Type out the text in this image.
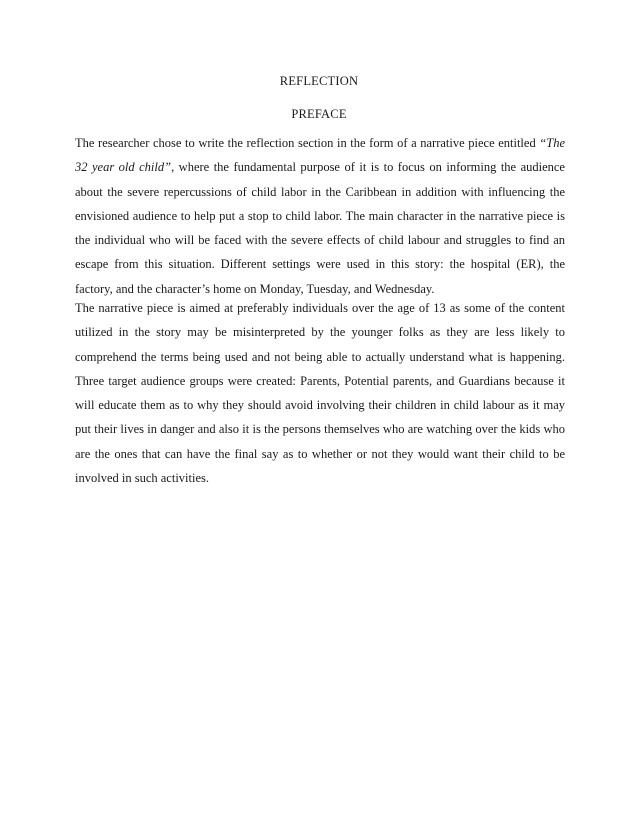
REFLECTION
PREFACE
The researcher chose to write the reflection section in the form of a narrative piece entitled “The
32 year old child”, where the fundamental purpose of it is to focus on informing the audience
about the severe repercussions of child labor in the Caribbean in addition with influencing the
envisioned audience to help put a stop to child labor. The main character in the narrative piece is
the individual who will be faced with the severe effects of child labour and struggles to find an
escape from this situation. Different settings were used in this story: the hospital (ER), the
factory, and the character’s home on Monday, Tuesday, and Wednesday.
The narrative piece is aimed at preferably individuals over the age of 13 as some of the content
utilized in the story may be misinterpreted by the younger folks as they are less likely to
comprehend the terms being used and not being able to actually understand what is happening.
Three target audience groups were created: Parents, Potential parents, and Guardians because it
will educate them as to why they should avoid involving their children in child labour as it may
put their lives in danger and also it is the persons themselves who are watching over the kids who
are the ones that can have the final say as to whether or not they would want their child to be
involved in such activities.
